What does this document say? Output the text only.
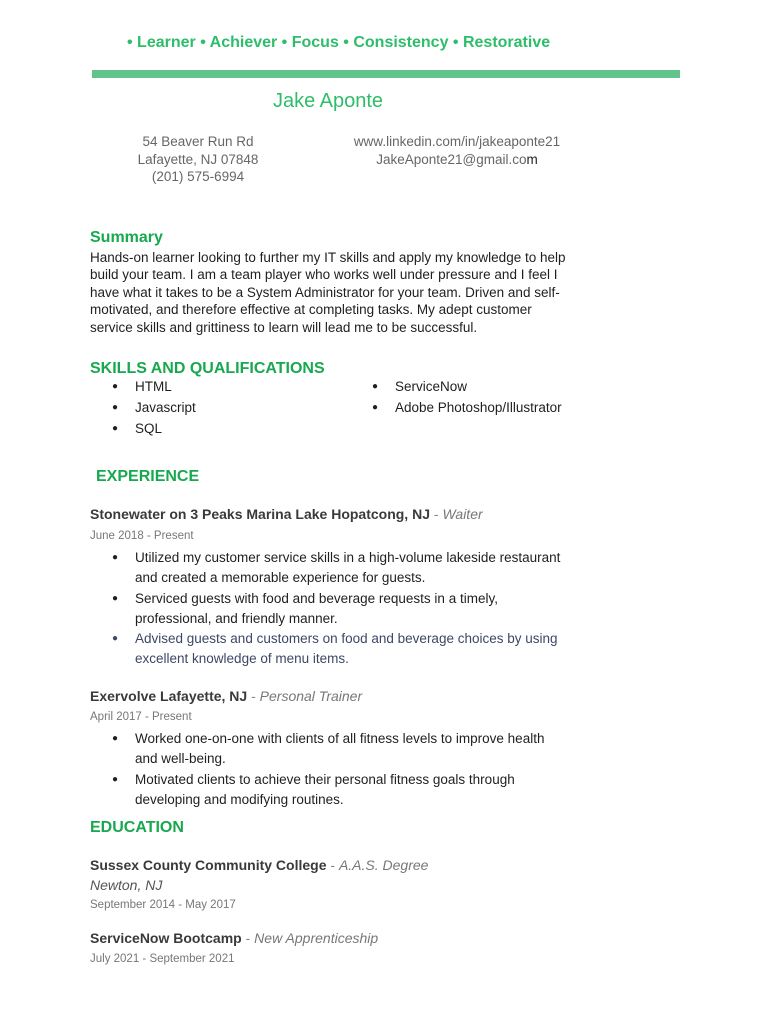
• Learner • Achiever • Focus • Consistency • Restorative
Jake Aponte
54 Beaver Run Rd
Lafayette, NJ 07848
(201) 575-6994
www.linkedin.com/in/jakeaponte21
JakeAponte21@gmail.com
Summary
Hands-on learner looking to further my IT skills and apply my knowledge to help build your team. I am a team player who works well under pressure and I feel I have what it takes to be a System Administrator for your team. Driven and self-motivated, and therefore effective at completing tasks. My adept customer service skills and grittiness to learn will lead me to be successful.
SKILLS AND QUALIFICATIONS
● HTML
● Javascript
● SQL
● ServiceNow
● Adobe Photoshop/Illustrator
EXPERIENCE
Stonewater on 3 Peaks Marina Lake Hopatcong, NJ - Waiter
June 2018 - Present
● Utilized my customer service skills in a high-volume lakeside restaurant and created a memorable experience for guests.
● Serviced guests with food and beverage requests in a timely, professional, and friendly manner.
● Advised guests and customers on food and beverage choices by using excellent knowledge of menu items.
Exervolve Lafayette, NJ - Personal Trainer
April 2017 - Present
● Worked one-on-one with clients of all fitness levels to improve health and well-being.
● Motivated clients to achieve their personal fitness goals through developing and modifying routines.
EDUCATION
Sussex County Community College - A.A.S. Degree
Newton, NJ
September 2014 - May 2017
ServiceNow Bootcamp - New Apprenticeship
July 2021 - September 2021
